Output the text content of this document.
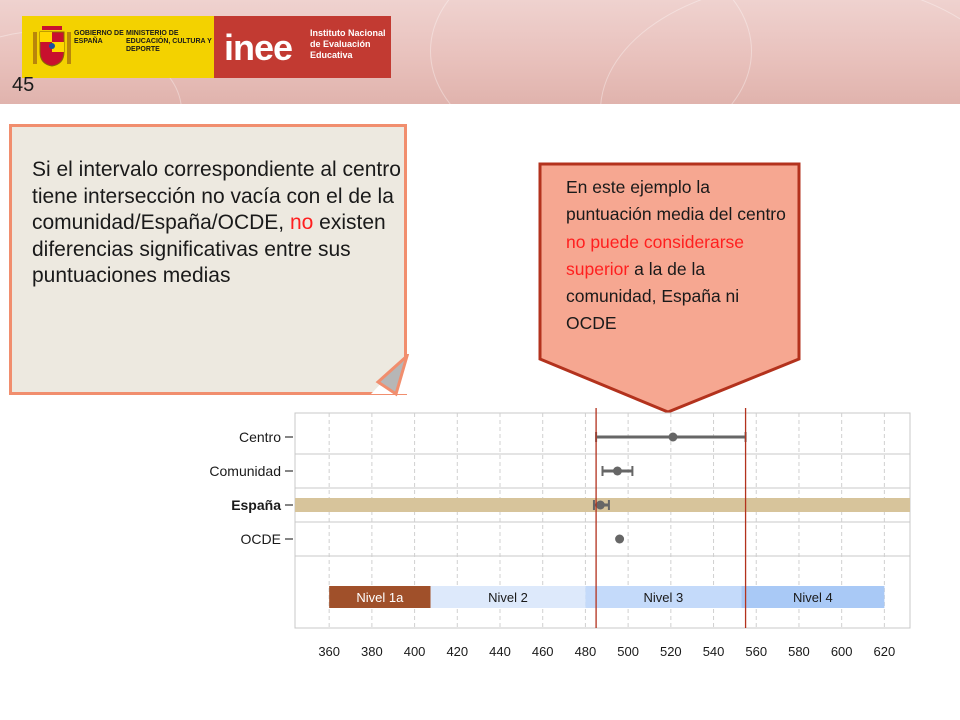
GOBIERNO DE ESPAÑA
MINISTERIO DE EDUCACIÓN, CULTURA Y DEPORTE	inee Instituto Nacional de Evaluación Educativa
45
Si el intervalo correspondiente al centro tiene intersección no vacía con el de la comunidad/España/OCDE, no existen diferencias significativas entre sus puntuaciones medias
En este ejemplo la puntuación media del centro no puede considerarse superior a la de la comunidad, España ni OCDE
Centro
Comunidad
España
OCDE
Nivel 1a	Nivel 2	Nivel 3	Nivel 4
360 380 400 420 440 460 480 500 520 540 560 580 600 620
